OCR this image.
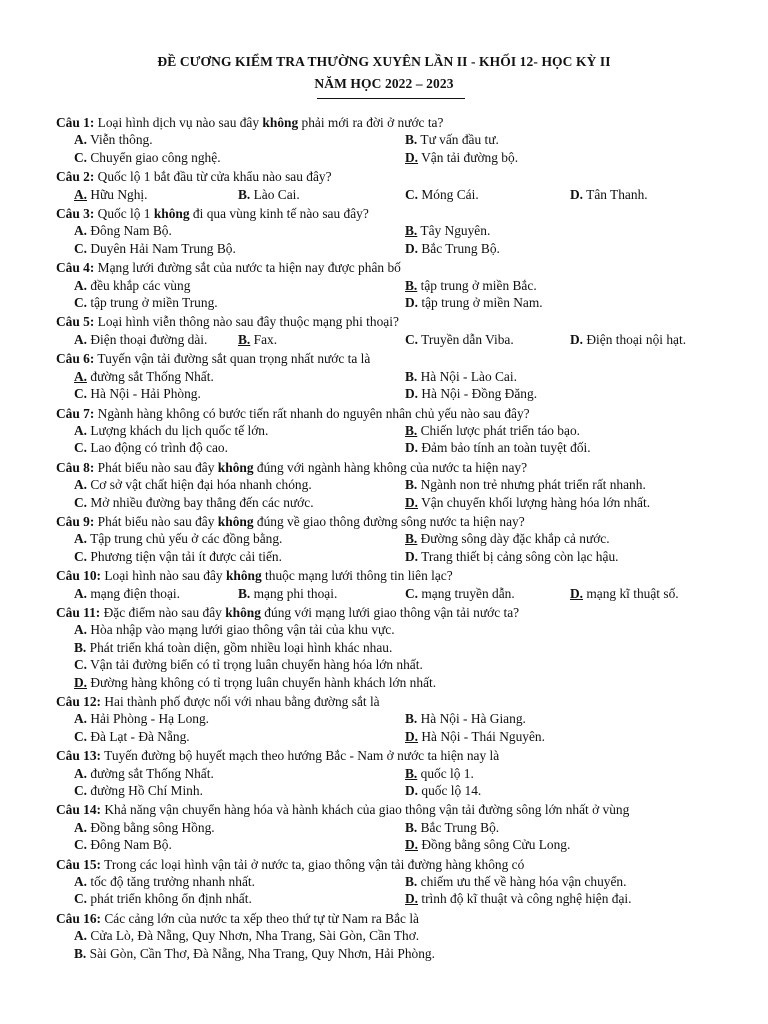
ĐỀ CƯƠNG KIỂM TRA THƯỜNG XUYÊN LẦN II - KHỐI 12- HỌC KỲ II
NĂM HỌC 2022 – 2023
Câu 1: Loại hình dịch vụ nào sau đây không phải mới ra đời ở nước ta?
A. Viễn thông.	B. Tư vấn đầu tư.
C. Chuyển giao công nghệ.	D. Vận tải đường bộ.
Câu 2: Quốc lộ 1 bắt đầu từ cửa khẩu nào sau đây?
A. Hữu Nghị.	B. Lào Cai.	C. Móng Cái.	D. Tân Thanh.
Câu 3: Quốc lộ 1 không đi qua vùng kinh tế nào sau đây?
A. Đông Nam Bộ.	B. Tây Nguyên.
C. Duyên Hải Nam Trung Bộ.	D. Bắc Trung Bộ.
Câu 4: Mạng lưới đường sắt của nước ta hiện nay được phân bố
A. đều khắp các vùng	B. tập trung ở miền Bắc.
C. tập trung ở miền Trung.	D. tập trung ở miền Nam.
Câu 5: Loại hình viễn thông nào sau đây thuộc mạng phi thoại?
A. Điện thoại đường dài.	B. Fax.	C. Truyền dẫn Viba.	D. Điện thoại nội hạt.
Câu 6: Tuyến vận tải đường sắt quan trọng nhất nước ta là
A. đường sắt Thống Nhất.	B. Hà Nội - Lào Cai.
C. Hà Nội - Hải Phòng.	D. Hà Nội - Đồng Đăng.
Câu 7: Ngành hàng không có bước tiến rất nhanh do nguyên nhân chủ yếu nào sau đây?
A. Lượng khách du lịch quốc tế lớn.	B. Chiến lược phát triển táo bạo.
C. Lao động có trình độ cao.	D. Đảm bảo tính an toàn tuyệt đối.
Câu 8: Phát biểu nào sau đây không đúng với ngành hàng không của nước ta hiện nay?
A. Cơ sở vật chất hiện đại hóa nhanh chóng.	B. Ngành non trẻ nhưng phát triển rất nhanh.
C. Mở nhiều đường bay thẳng đến các nước.	D. Vận chuyển khối lượng hàng hóa lớn nhất.
Câu 9: Phát biểu nào sau đây không đúng về giao thông đường sông nước ta hiện nay?
A. Tập trung chủ yếu ở các đồng bằng.	B. Đường sông dày đặc khắp cả nước.
C. Phương tiện vận tải ít được cải tiến.	D. Trang thiết bị cảng sông còn lạc hậu.
Câu 10: Loại hình nào sau đây không thuộc mạng lưới thông tin liên lạc?
A. mạng điện thoại.	B. mạng phi thoại.	C. mạng truyền dẫn.	D. mạng kĩ thuật số.
Câu 11: Đặc điểm nào sau đây không đúng với mạng lưới giao thông vận tải nước ta?
A. Hòa nhập vào mạng lưới giao thông vận tải của khu vực.
B. Phát triển khá toàn diện, gồm nhiều loại hình khác nhau.
C. Vận tải đường biển có tỉ trọng luân chuyển hàng hóa lớn nhất.
D. Đường hàng không có tỉ trọng luân chuyển hành khách lớn nhất.
Câu 12: Hai thành phố được nối với nhau bằng đường sắt là
A. Hải Phòng - Hạ Long.	B. Hà Nội - Hà Giang.
C. Đà Lạt - Đà Nẵng.	D. Hà Nội - Thái Nguyên.
Câu 13: Tuyến đường bộ huyết mạch theo hướng Bắc - Nam ở nước ta hiện nay là
A. đường sắt Thống Nhất.	B. quốc lộ 1.
C. đường Hồ Chí Minh.	D. quốc lộ 14.
Câu 14: Khả năng vận chuyển hàng hóa và hành khách của giao thông vận tải đường sông lớn nhất ở vùng
A. Đồng bằng sông Hồng.	B. Bắc Trung Bộ.
C. Đông Nam Bộ.	D. Đồng bằng sông Cửu Long.
Câu 15: Trong các loại hình vận tải ở nước ta, giao thông vận tải đường hàng không có
A. tốc độ tăng trưởng nhanh nhất.	B. chiếm ưu thế về hàng hóa vận chuyển.
C. phát triển không ổn định nhất.	D. trình độ kĩ thuật và công nghệ hiện đại.
Câu 16: Các cảng lớn của nước ta xếp theo thứ tự từ Nam ra Bắc là
A. Cửa Lò, Đà Nẵng, Quy Nhơn, Nha Trang, Sài Gòn, Cần Thơ.
B. Sài Gòn, Cần Thơ, Đà Nẵng, Nha Trang, Quy Nhơn, Hải Phòng.
